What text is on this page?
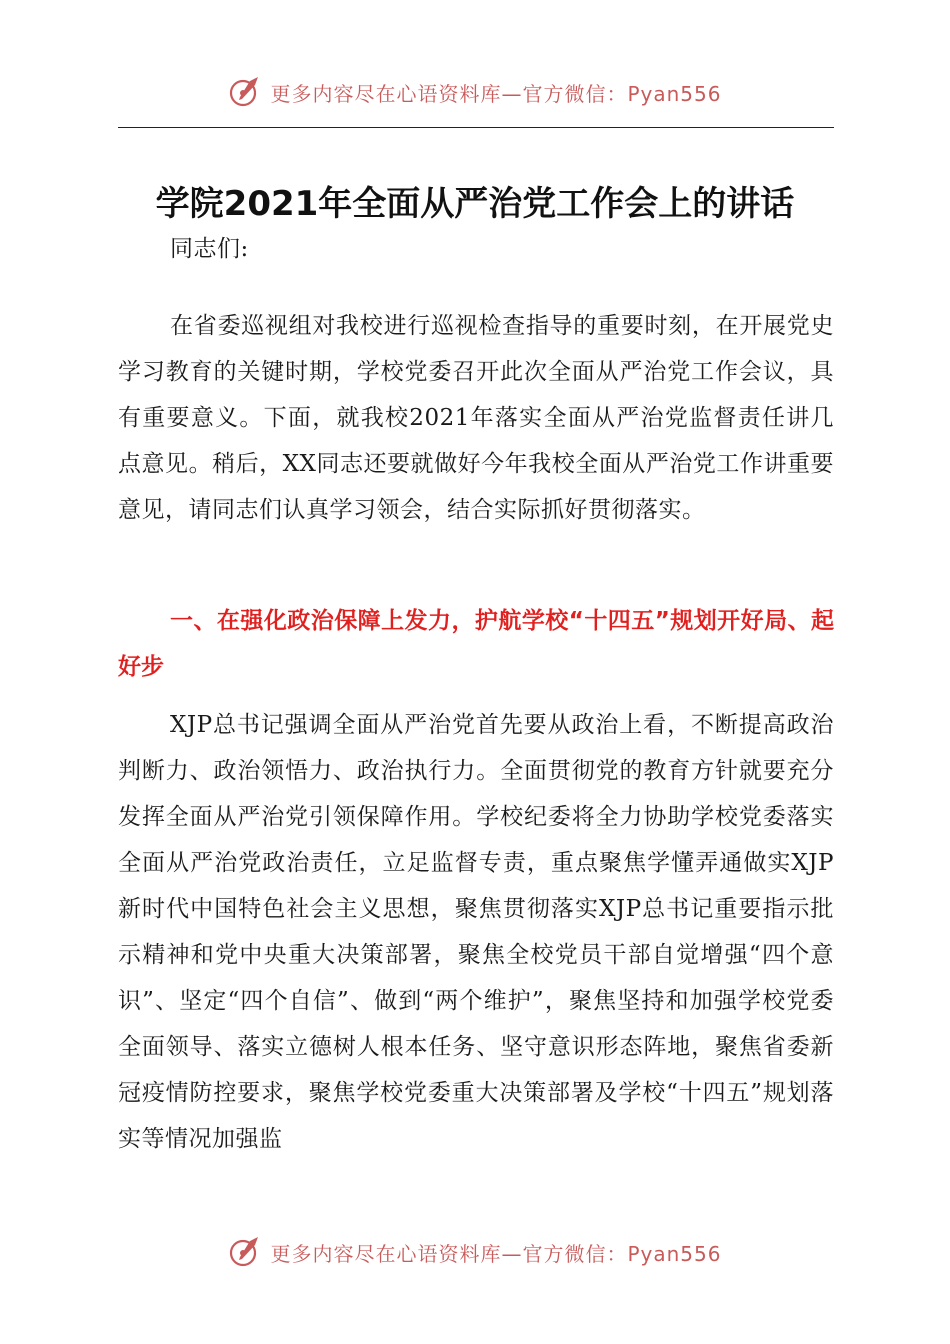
更多内容尽在心语资料库—官方微信：Pyan556
学院2021年全面从严治党工作会上的讲话
同志们:
在省委巡视组对我校进行巡视检查指导的重要时刻，在开展党史学习教育的关键时期，学校党委召开此次全面从严治党工作会议，具有重要意义。下面，就我校2021年落实全面从严治党监督责任讲几点意见。稍后，XX同志还要就做好今年我校全面从严治党工作讲重要意见，请同志们认真学习领会，结合实际抓好贯彻落实。
一、在强化政治保障上发力，护航学校“十四五”规划开好局、起好步
XJP总书记强调全面从严治党首先要从政治上看，不断提高政治判断力、政治领悟力、政治执行力。全面贯彻党的教育方针就要充分发挥全面从严治党引领保障作用。学校纪委将全力协助学校党委落实全面从严治党政治责任，立足监督专责，重点聚焦学懂弄通做实XJP新时代中国特色社会主义思想，聚焦贯彻落实XJP总书记重要指示批示精神和党中央重大决策部署，聚焦全校党员干部自觉增强“四个意识”、坚定“四个自信”、做到“两个维护”，聚焦坚持和加强学校党委全面领导、落实立德树人根本任务、坚守意识形态阵地，聚焦省委新冠疫情防控要求，聚焦学校党委重大决策部署及学校“十四五”规划落实等情况加强监
更多内容尽在心语资料库—官方微信：Pyan556
